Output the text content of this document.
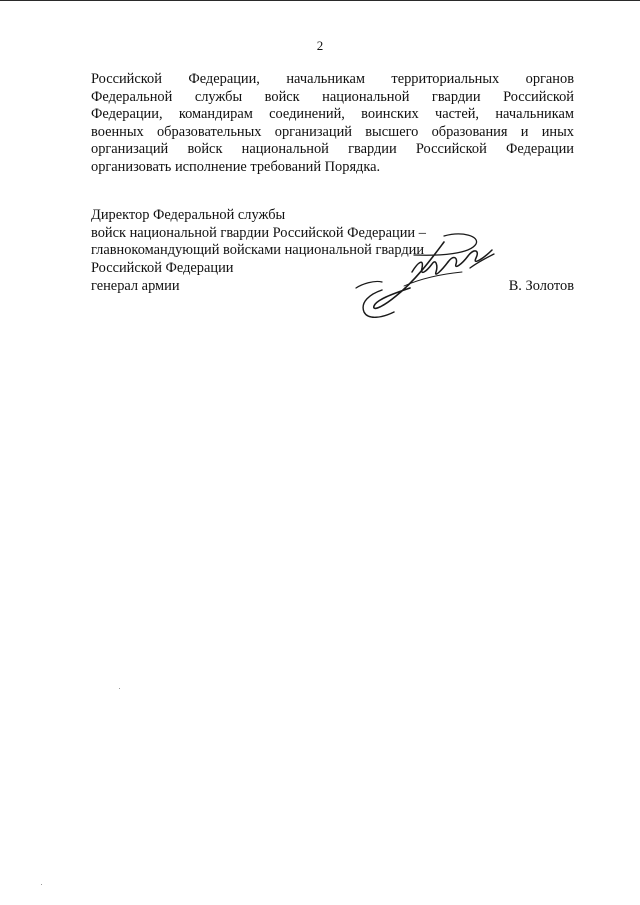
2
Российской Федерации, начальникам территориальных органов
Федеральной службы войск национальной гвардии Российской
Федерации, командирам соединений, воинских частей, начальникам
военных образовательных организаций высшего образования и иных
организаций войск национальной гвардии Российской Федерации
организовать исполнение требований Порядка.
Директор Федеральной службы
войск национальной гвардии Российской Федерации –
главнокомандующий войсками национальной гвардии
Российской Федерации
генерал армии	В. Золотов
